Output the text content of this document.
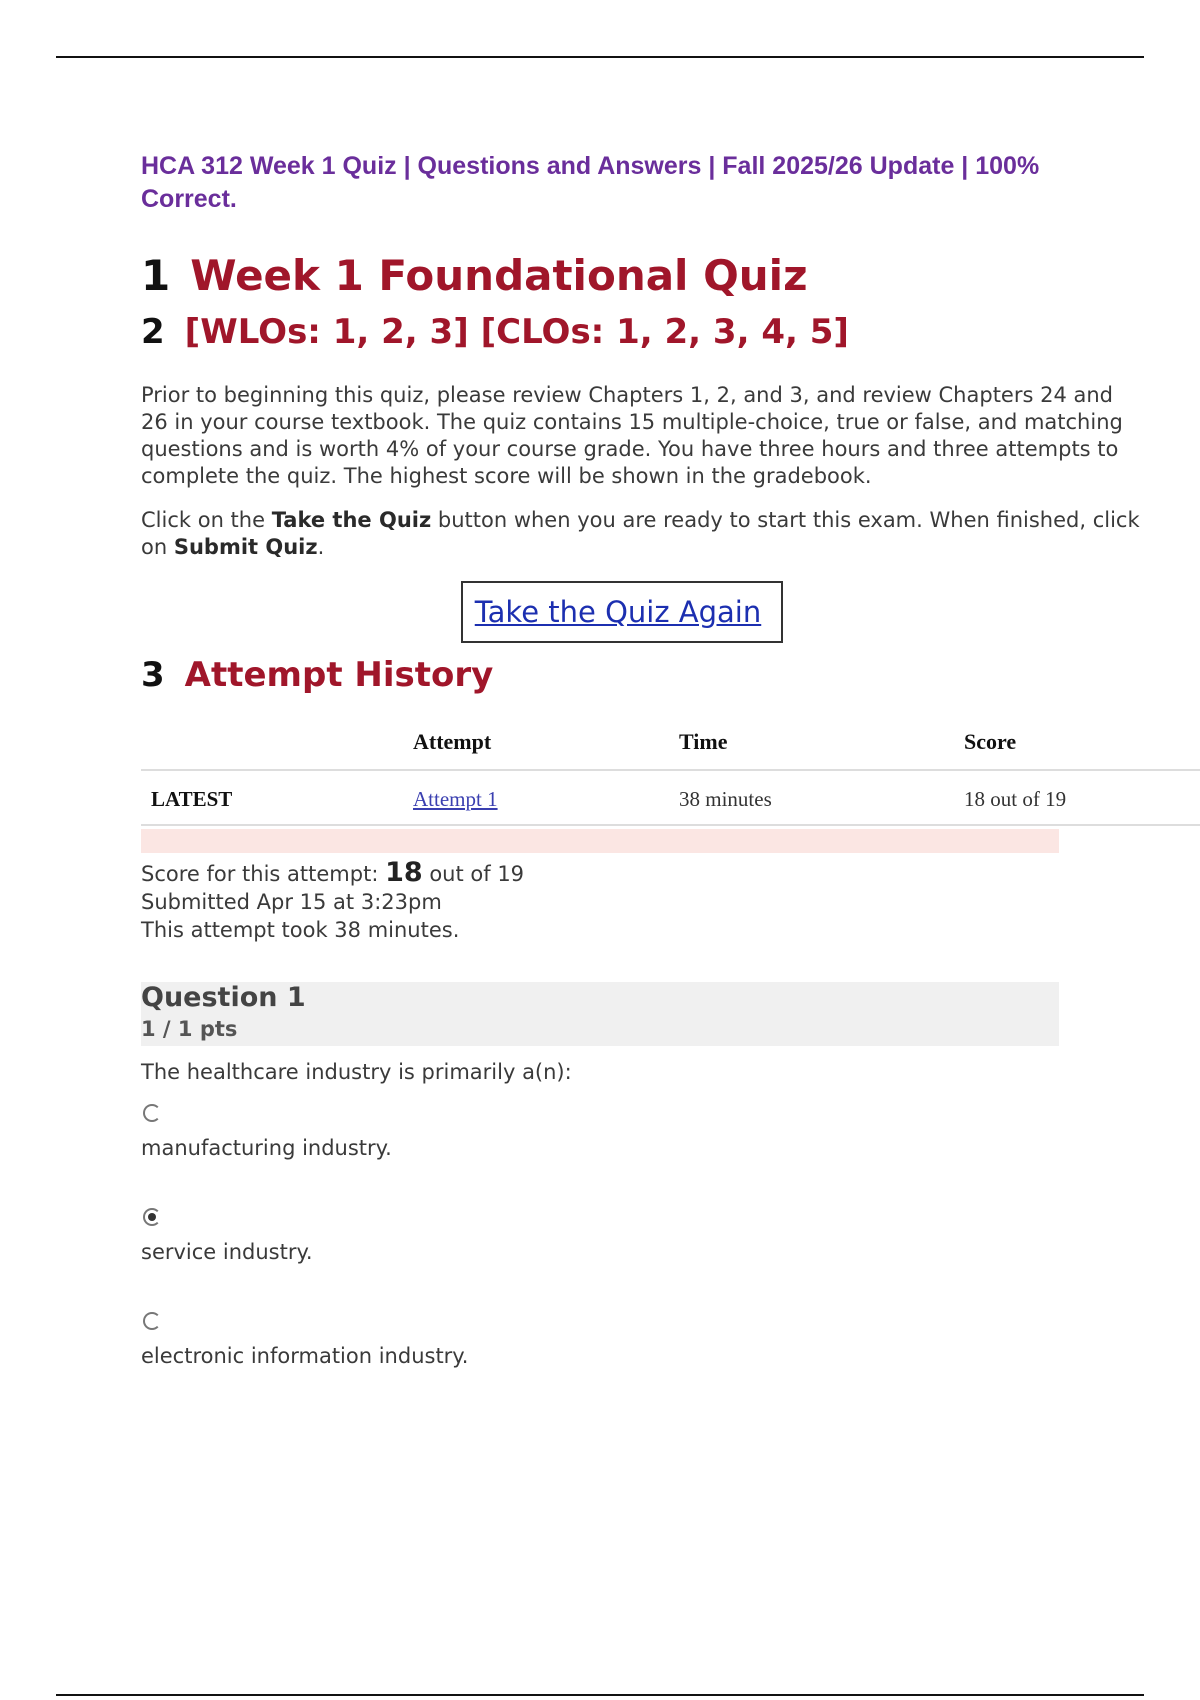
HCA 312 Week 1 Quiz | Questions and Answers | Fall 2025/26 Update | 100% Correct.

1 Week 1 Foundational Quiz
2 [WLOs: 1, 2, 3] [CLOs: 1, 2, 3, 4, 5]

Prior to beginning this quiz, please review Chapters 1, 2, and 3, and review Chapters 24 and 26 in your course textbook. The quiz contains 15 multiple-choice, true or false, and matching questions and is worth 4% of your course grade. You have three hours and three attempts to complete the quiz. The highest score will be shown in the gradebook.

Click on the Take the Quiz button when you are ready to start this exam. When finished, click on Submit Quiz.

Take the Quiz Again
3 Attempt History
	Attempt	Time	Score
LATEST	Attempt 1	38 minutes	18 out of 19
Score for this attempt: 18 out of 19
Submitted Apr 15 at 3:23pm
This attempt took 38 minutes.

Question 1

1 / 1 pts

The healthcare industry is primarily a(n):
manufacturing industry.
service industry.
electronic information industry.
